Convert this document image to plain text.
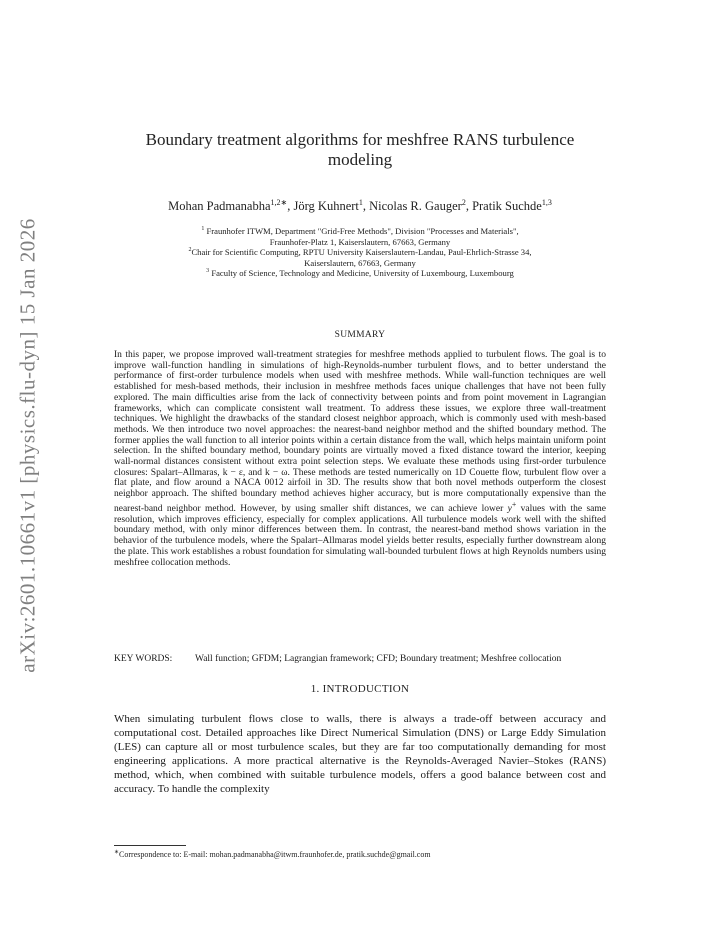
arXiv:2601.10661v1 [physics.flu-dyn] 15 Jan 2026
Boundary treatment algorithms for meshfree RANS turbulence
modeling
Mohan Padmanabha$^{1,2∗}$, Jörg Kuhnert$^1$, Nicolas R. Gauger$^2$, Pratik Suchde$^{1,3}$
$^1$ Fraunhofer ITWM, Department "Grid-Free Methods", Division "Processes and Materials",
Fraunhofer-Platz 1, Kaiserslautern, 67663, Germany
$^2$Chair for Scientific Computing, RPTU University Kaiserslautern-Landau, Paul-Ehrlich-Strasse 34,
Kaiserslautern, 67663, Germany
$^3$ Faculty of Science, Technology and Medicine, University of Luxembourg, Luxembourg
SUMMARY

In this paper, we propose improved wall-treatment strategies for meshfree methods applied to turbulent flows. The goal is to improve wall-function handling in simulations of high-Reynolds-number turbulent flows, and to better understand the performance of first-order turbulence models when used with meshfree methods. While wall-function techniques are well established for mesh-based methods, their inclusion in meshfree methods faces unique challenges that have not been fully explored. The main difficulties arise from the lack of connectivity between points and from point movement in Lagrangian frameworks, which can complicate consistent wall treatment. To address these issues, we explore three wall-treatment techniques. We highlight the drawbacks of the standard closest neighbor approach, which is commonly used with mesh-based methods. We then introduce two novel approaches: the nearest-band neighbor method and the shifted boundary method. The former applies the wall function to all interior points within a certain distance from the wall, which helps maintain uniform point selection. In the shifted boundary method, boundary points are virtually moved a fixed distance toward the interior, keeping wall-normal distances consistent without extra point selection steps. We evaluate these methods using first-order turbulence closures: Spalart–Allmaras, k − ε, and k − ω. These methods are tested numerically on 1D Couette flow, turbulent flow over a flat plate, and flow around a NACA 0012 airfoil in 3D. The results show that both novel methods outperform the closest neighbor approach. The shifted boundary method achieves higher accuracy, but is more computationally expensive than the nearest-band neighbor method. However, by using smaller shift distances, we can achieve lower y+ values with the same resolution, which improves efficiency, especially for complex applications. All turbulence models work well with the shifted boundary method, with only minor differences between them. In contrast, the nearest-band method shows variation in the behavior of the turbulence models, where the Spalart–Allmaras model yields better results, especially further downstream along the plate. This work establishes a robust foundation for simulating wall-bounded turbulent flows at high Reynolds numbers using meshfree collocation methods.

KEY WORDS:	Wall function; GFDM; Lagrangian framework; CFD; Boundary treatment; Meshfree collocation
1. INTRODUCTION

When simulating turbulent flows close to walls, there is always a trade-off between accuracy and computational cost. Detailed approaches like Direct Numerical Simulation (DNS) or Large Eddy Simulation (LES) can capture all or most turbulence scales, but they are far too computationally demanding for most engineering applications. A more practical alternative is the Reynolds-Averaged Navier–Stokes (RANS) method, which, when combined with suitable turbulence models, offers a good balance between cost and accuracy. To handle the complexity

∗Correspondence to: E-mail: mohan.padmanabha@itwm.fraunhofer.de, pratik.suchde@gmail.com
